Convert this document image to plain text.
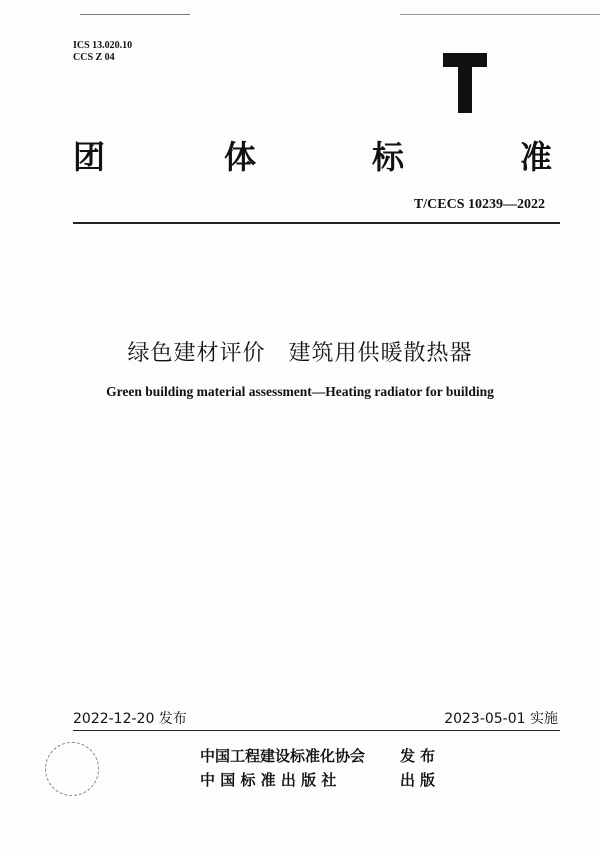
ICS 13.020.10
CCS Z 04
团	体	标	准
T/CECS 10239—2022
绿色建材评价　建筑用供暖散热器
Green building material assessment—Heating radiator for building
2022-12-20 发布	2023-05-01 实施
中国工程建设标准化协会 发布
中 国 标 准 出 版 社	出版
